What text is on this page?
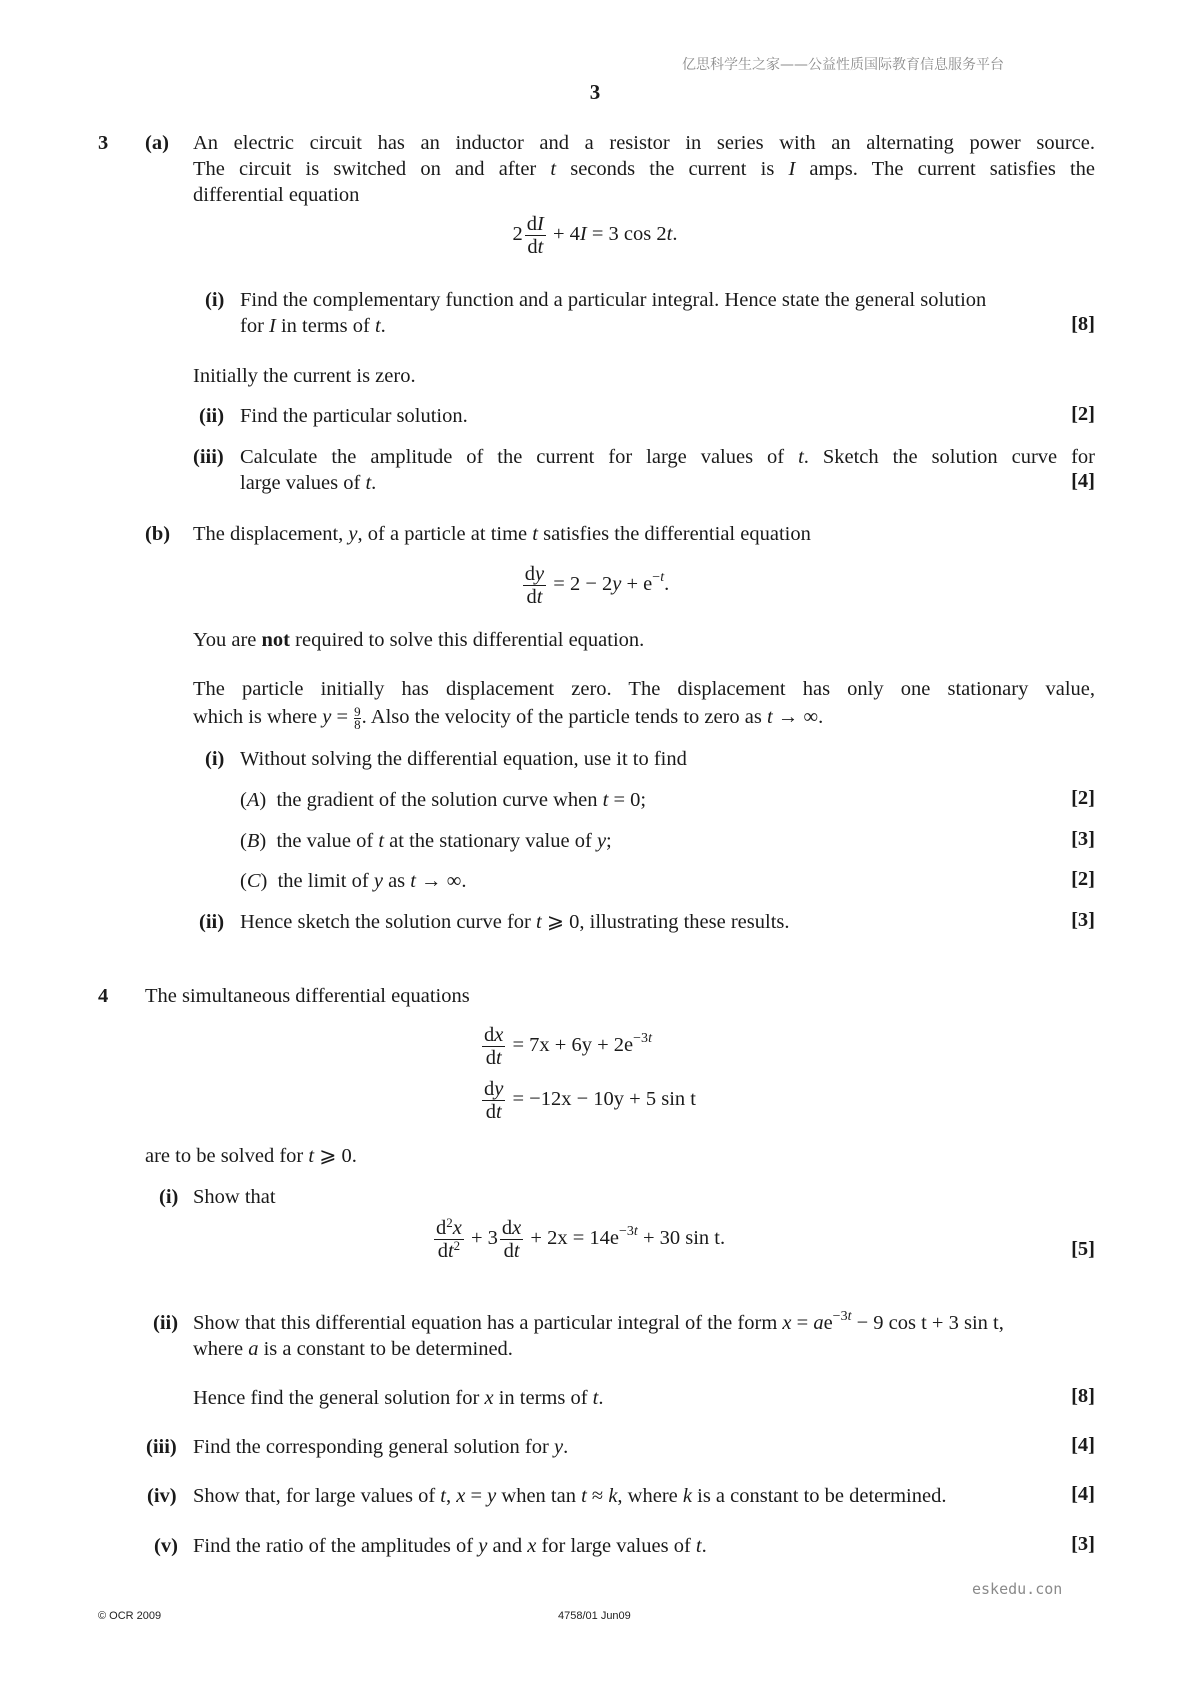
亿思科学生之家——公益性质国际教育信息服务平台
3
3 (a) An electric circuit has an inductor and a resistor in series with an alternating power source.
The circuit is switched on and after t seconds the current is I amps. The current satisfies the
differential equation
$2 \frac{dI}{dt} + 4I = 3$ cos 2t.
(i) Find the complementary function and a particular integral. Hence state the general solution
for I in terms of t.	[8]
Initially the current is zero.
(ii) Find the particular solution.	[2]
(iii) Calculate the amplitude of the current for large values of t. Sketch the solution curve for
large values of t.	[4]
(b) The displacement, y, of a particle at time t satisfies the differential equation
$\frac{dy}{dt} = 2 - 2y + e^{-t}$.
You are not required to solve this differential equation.
The particle initially has displacement zero. The displacement has only one stationary value,
which is where $y = \frac{9}{8}$ . Also the velocity of the particle tends to zero as t → ∞.
(i) Without solving the differential equation, use it to find
(A)  the gradient of the solution curve when t = 0;	[2]
(B)  the value of t at the stationary value of y;	[3]
(C)  the limit of y as t → ∞.	[2]
(ii) Hence sketch the solution curve for t ⩾ 0, illustrating these results.	[3]
4 The simultaneous differential equations
$\frac{dx}{dt} = 7x + 6y + 2e^{-3t}$
$\frac{dy}{dt} = -12x - 10y + 5$ sin t
are to be solved for t ⩾ 0.
(i) Show that
$\frac{d^2x}{dt^2} + 3 \frac{dx}{dt} + 2x = 14e^{-3t} + 30$ sin t.	[5]
(ii) Show that this differential equation has a particular integral of the form $x = ae^{-3t} - 9$ cos t + 3 sin t,
where a is a constant to be determined.
Hence find the general solution for x in terms of t.	[8]
(iii) Find the corresponding general solution for y.	[4]
(iv) Show that, for large values of t, x = y when tan t ≈ k, where k is a constant to be determined.	[4]
(v) Find the ratio of the amplitudes of y and x for large values of t.	[3]
eskedu.con
© OCR 2009	4758/01 Jun09
